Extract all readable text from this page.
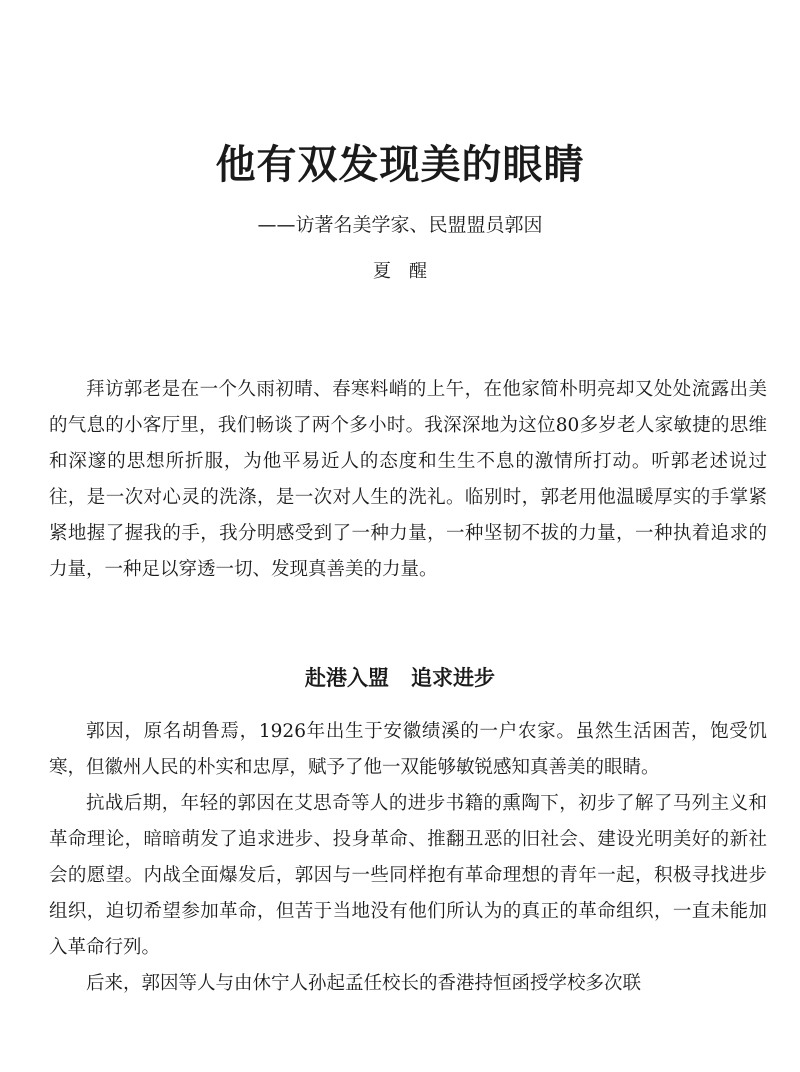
他有双发现美的眼睛

——访著名美学家、民盟盟员郭因

夏醒

拜访郭老是在一个久雨初晴、春寒料峭的上午，在他家简朴明亮却又处处流露出美的气息的小客厅里，我们畅谈了两个多小时。我深深地为这位80多岁老人家敏捷的思维和深邃的思想所折服，为他平易近人的态度和生生不息的激情所打动。听郭老述说过往，是一次对心灵的洗涤，是一次对人生的洗礼。临别时，郭老用他温暖厚实的手掌紧紧地握了握我的手，我分明感受到了一种力量，一种坚韧不拔的力量，一种执着追求的力量，一种足以穿透一切、发现真善美的力量。

赴港入盟 追求进步

郭因，原名胡鲁焉，1926年出生于安徽绩溪的一户农家。虽然生活困苦，饱受饥寒，但徽州人民的朴实和忠厚，赋予了他一双能够敏锐感知真善美的眼睛。

抗战后期，年轻的郭因在艾思奇等人的进步书籍的熏陶下，初步了解了马列主义和革命理论，暗暗萌发了追求进步、投身革命、推翻丑恶的旧社会、建设光明美好的新社会的愿望。内战全面爆发后，郭因与一些同样抱有革命理想的青年一起，积极寻找进步组织，迫切希望参加革命，但苦于当地没有他们所认为的真正的革命组织，一直未能加入革命行列。

后来，郭因等人与由休宁人孙起孟任校长的香港持恒函授学校多次联
